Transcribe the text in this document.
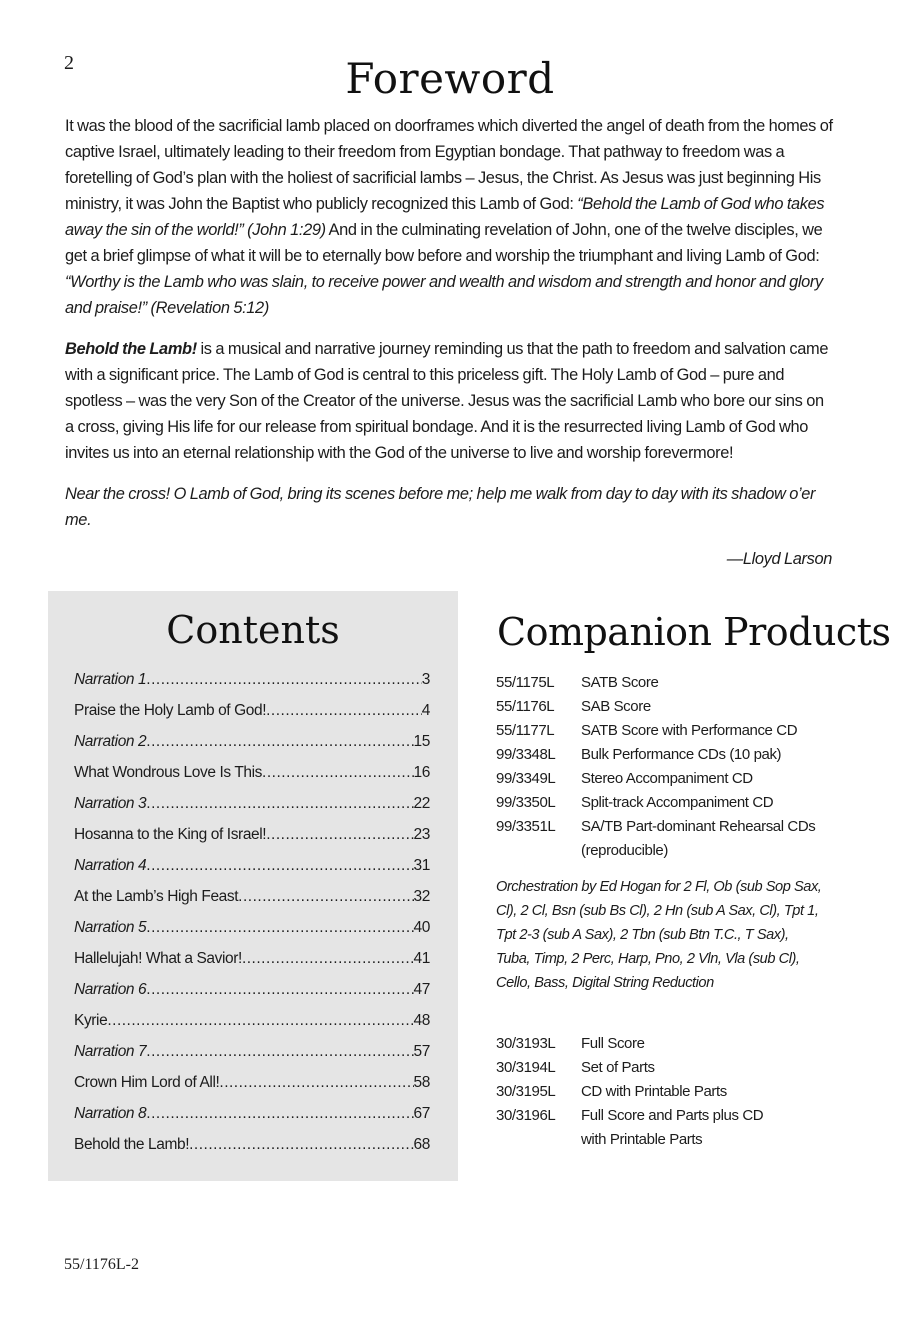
2	Foreword

It was the blood of the sacrificial lamb placed on doorframes which diverted the angel of death from the homes of captive Israel, ultimately leading to their freedom from Egyptian bondage. That pathway to freedom was a foretelling of God’s plan with the holiest of sacrificial lambs – Jesus, the Christ. As Jesus was just beginning His ministry, it was John the Baptist who publicly recognized this Lamb of God: “Behold the Lamb of God who takes away the sin of the world!” (John 1:29) And in the culminating revelation of John, one of the twelve disciples, we get a brief glimpse of what it will be to eternally bow before and worship the triumphant and living Lamb of God: “Worthy is the Lamb who was slain, to receive power and wealth and wisdom and strength and honor and glory and praise!” (Revelation 5:12)

Behold the Lamb! is a musical and narrative journey reminding us that the path to freedom and salvation came with a significant price. The Lamb of God is central to this priceless gift. The Holy Lamb of God – pure and spotless – was the very Son of the Creator of the universe. Jesus was the sacrificial Lamb who bore our sins on a cross, giving His life for our release from spiritual bondage. And it is the resurrected living Lamb of God who invites us into an eternal relationship with the God of the universe to live and worship forevermore!

Near the cross! O Lamb of God, bring its scenes before me; help me walk from day to day with its shadow o’er me.

—Lloyd Larson

Contents
Narration 1 .....	3
Praise the Holy Lamb of God! .....	4
Narration 2 .....	15
What Wondrous Love Is This .....	16
Narration 3 .....	22
Hosanna to the King of Israel! .....	23
Narration 4 .....	31
At the Lamb’s High Feast .....	32
Narration 5 .....	40
Hallelujah! What a Savior! .....	41
Narration 6 .....	47
Kyrie .....	48
Narration 7 .....	57
Crown Him Lord of All! .....	58
Narration 8 .....	67
Behold the Lamb! .....	68
Companion Products
55/1175L	SATB Score
55/1176L	SAB Score
55/1177L	SATB Score with Performance CD
99/3348L	Bulk Performance CDs (10 pak)
99/3349L	Stereo Accompaniment CD
99/3350L	Split-track Accompaniment CD
99/3351L	SA/TB Part-dominant Rehearsal CDs
(reproducible)

Orchestration by Ed Hogan for 2 Fl, Ob (sub Sop Sax, Cl), 2 Cl, Bsn (sub Bs Cl), 2 Hn (sub A Sax, Cl), Tpt 1, Tpt 2-3 (sub A Sax), 2 Tbn (sub Btn T.C., T Sax), Tuba, Timp, 2 Perc, Harp, Pno, 2 Vln, Vla (sub Cl), Cello, Bass, Digital String Reduction

30/3193L	Full Score
30/3194L	Set of Parts
30/3195L	CD with Printable Parts
30/3196L	Full Score and Parts plus CD
with Printable Parts
55/1176L-2
